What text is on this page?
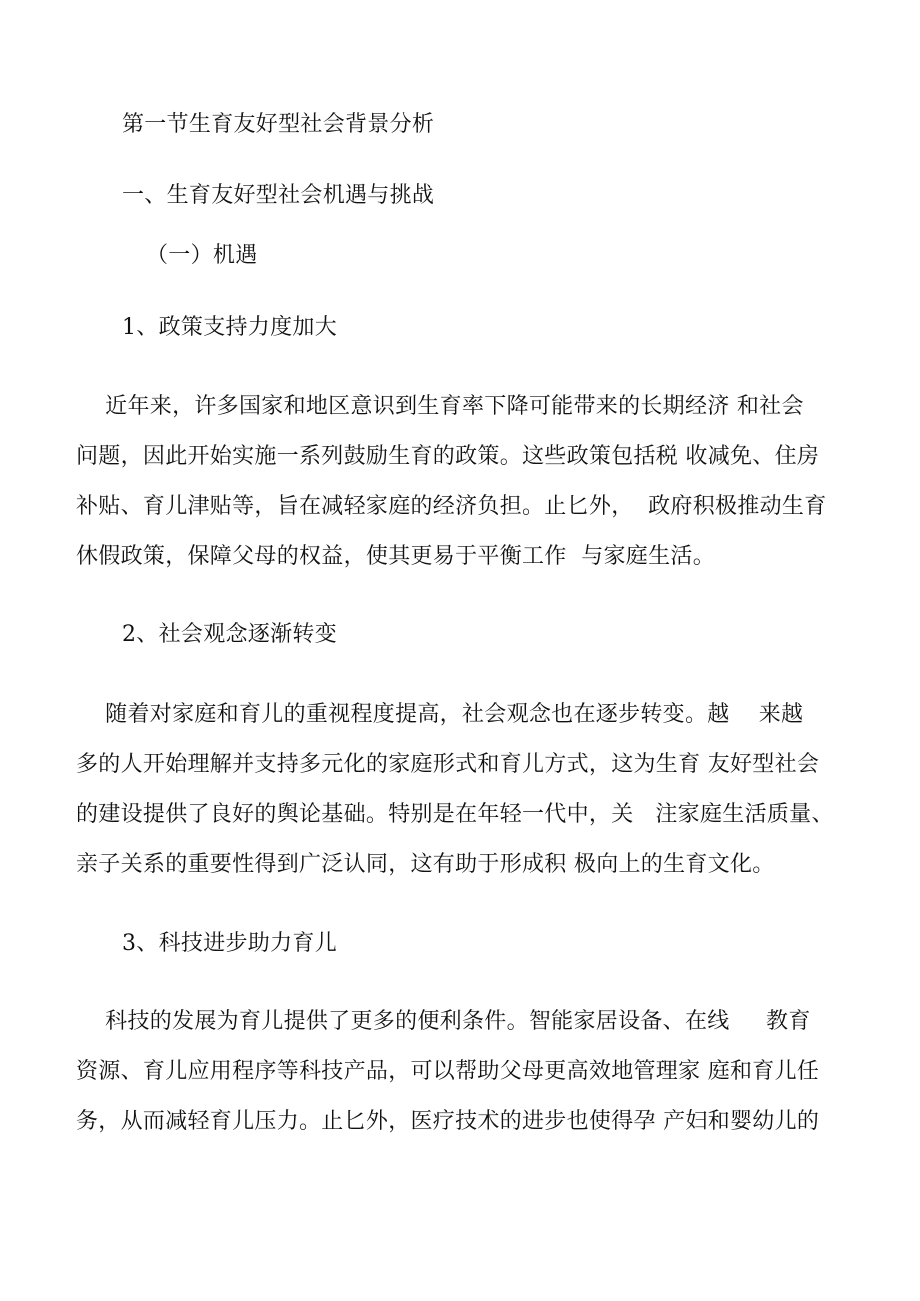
第一节生育友好型社会背景分析
一、生育友好型社会机遇与挑战
（一）机遇
1、政策支持力度加大
近年来，许多国家和地区意识到生育率下降可能带来的长期经济 和社会
问题，因此开始实施一系列鼓励生育的政策。这些政策包括税 收减免、住房
补贴、育儿津贴等，旨在减轻家庭的经济负担。止匕外，  政府积极推动生育
休假政策，保障父母的权益，使其更易于平衡工作  与家庭生活。
2、社会观念逐渐转变
随着对家庭和育儿的重视程度提高，社会观念也在逐步转变。越    来越
多的人开始理解并支持多元化的家庭形式和育儿方式，这为生育 友好型社会
的建设提供了良好的舆论基础。特别是在年轻一代中，关   注家庭生活质量、
亲子关系的重要性得到广泛认同，这有助于形成积 极向上的生育文化。
3、科技进步助力育儿
科技的发展为育儿提供了更多的便利条件。智能家居设备、在线     教育
资源、育儿应用程序等科技产品，可以帮助父母更高效地管理家 庭和育儿任
务，从而减轻育儿压力。止匕外，医疗技术的进步也使得孕 产妇和婴幼儿的
